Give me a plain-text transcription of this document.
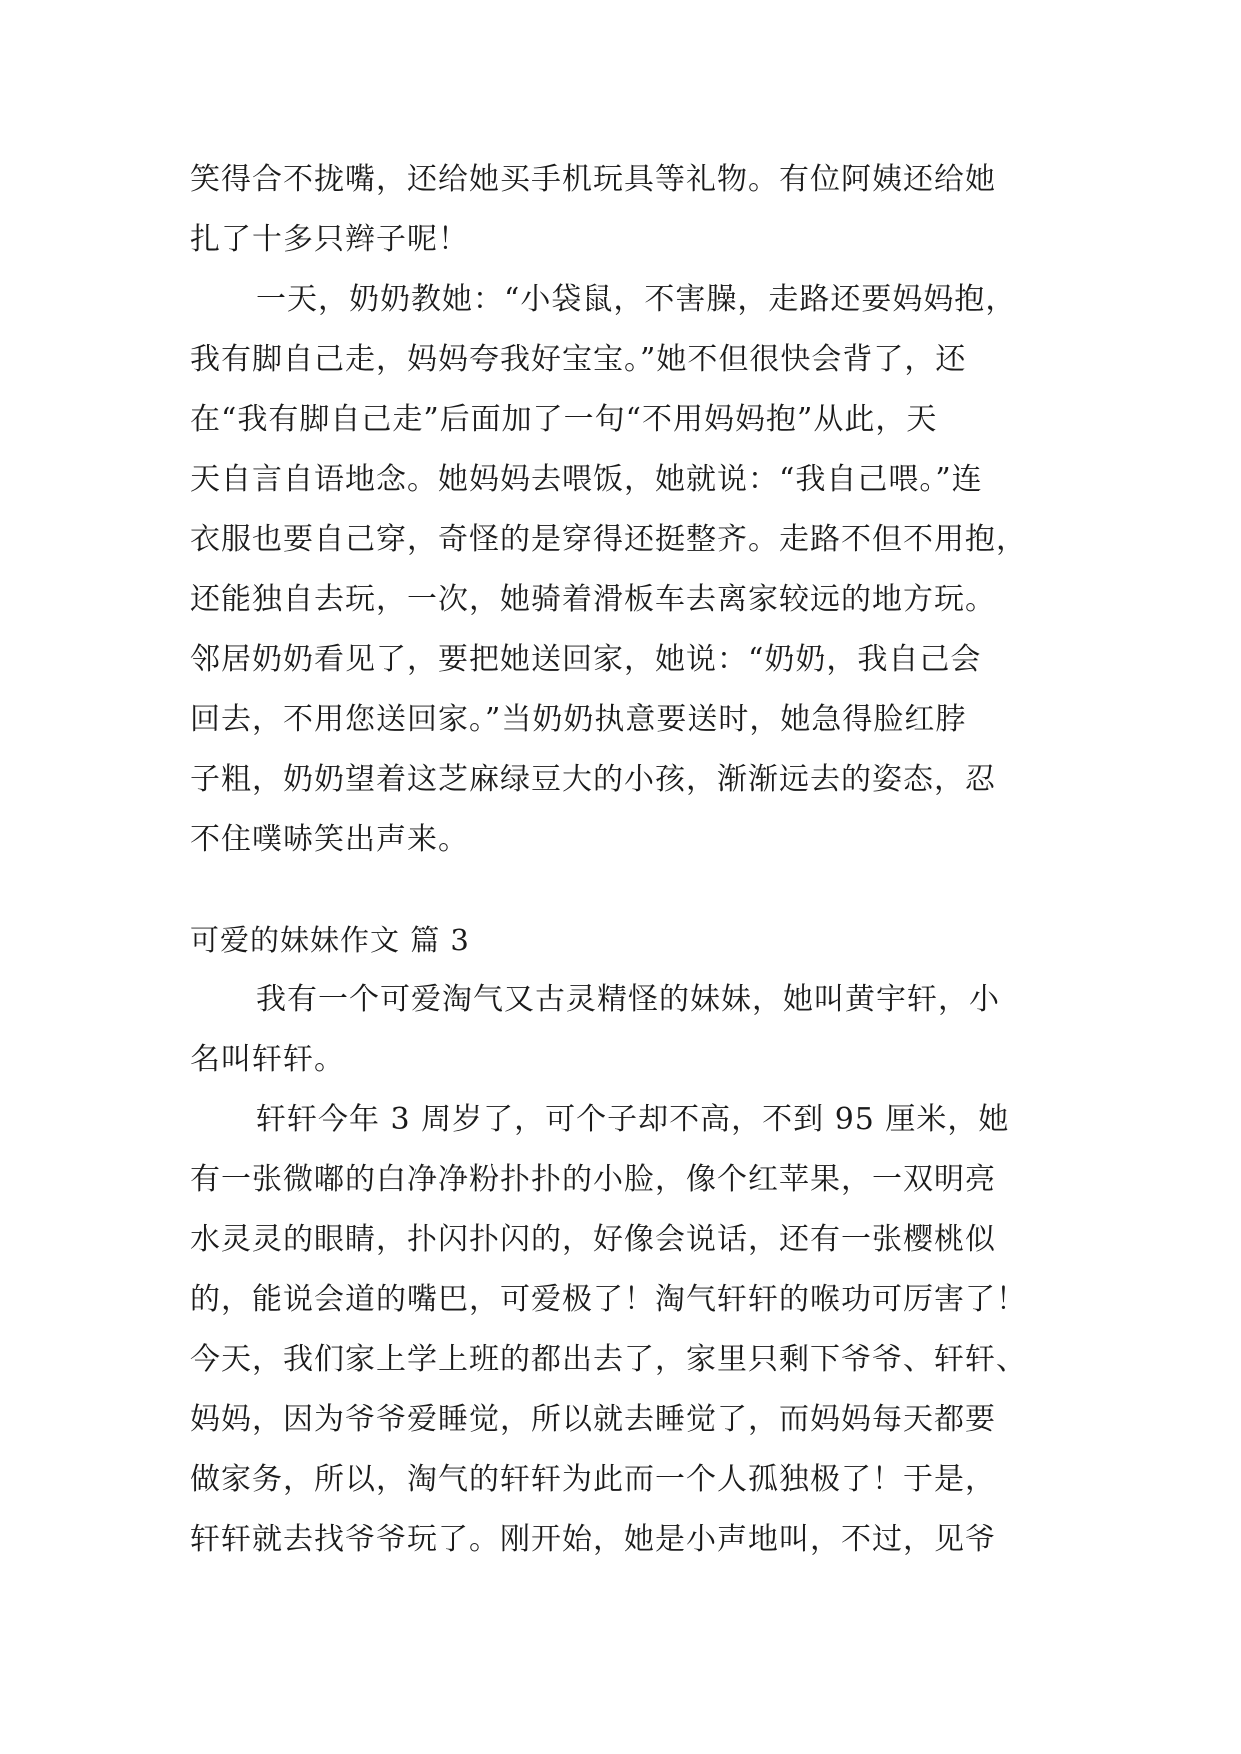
笑得合不拢嘴，还给她买手机玩具等礼物。有位阿姨还给她
扎了十多只辫子呢！
一天，奶奶教她：“小袋鼠，不害臊，走路还要妈妈抱，
我有脚自己走，妈妈夸我好宝宝。”她不但很快会背了，还
在“我有脚自己走”后面加了一句“不用妈妈抱”从此，天
天自言自语地念。她妈妈去喂饭，她就说：“我自己喂。”连
衣服也要自己穿，奇怪的是穿得还挺整齐。走路不但不用抱，
还能独自去玩，一次，她骑着滑板车去离家较远的地方玩。
邻居奶奶看见了，要把她送回家，她说：“奶奶，我自己会
回去，不用您送回家。”当奶奶执意要送时，她急得脸红脖
子粗，奶奶望着这芝麻绿豆大的小孩，渐渐远去的姿态，忍
不住噗哧笑出声来。
可爱的妹妹作文 篇 3
我有一个可爱淘气又古灵精怪的妹妹，她叫黄宇轩，小
名叫轩轩。
轩轩今年 3 周岁了，可个子却不高，不到 95 厘米，她
有一张微嘟的白净净粉扑扑的小脸，像个红苹果，一双明亮
水灵灵的眼睛，扑闪扑闪的，好像会说话，还有一张樱桃似
的，能说会道的嘴巴，可爱极了！淘气轩轩的喉功可厉害了！
今天，我们家上学上班的都出去了，家里只剩下爷爷、轩轩、
妈妈，因为爷爷爱睡觉，所以就去睡觉了，而妈妈每天都要
做家务，所以，淘气的轩轩为此而一个人孤独极了！于是，
轩轩就去找爷爷玩了。刚开始，她是小声地叫，不过，见爷
